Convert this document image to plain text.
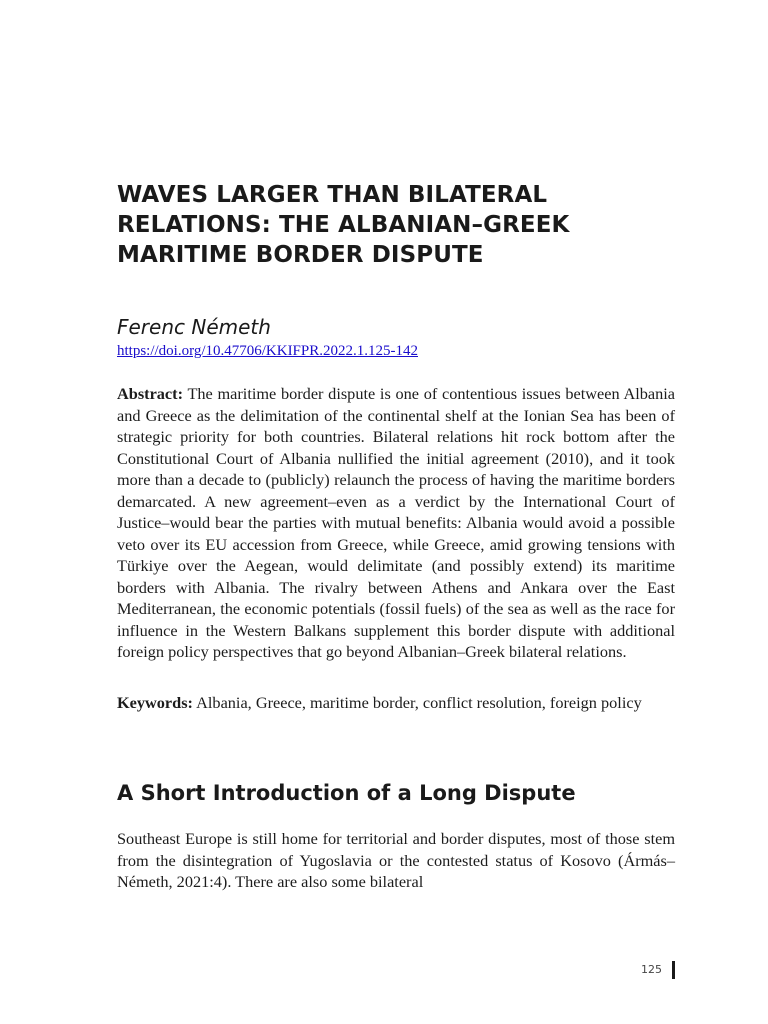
WAVES LARGER THAN BILATERAL
RELATIONS: THE ALBANIAN–GREEK
MARITIME BORDER DISPUTE
Ferenc Németh
https://doi.org/10.47706/KKIFPR.2022.1.125-142

Abstract: The maritime border dispute is one of contentious issues between Albania and Greece as the delimitation of the continental shelf at the Ionian Sea has been of strategic priority for both countries. Bilateral relations hit rock bottom after the Constitutional Court of Albania nullified the initial agreement (2010), and it took more than a decade to (publicly) relaunch the process of having the maritime borders demarcated. A new agreement–even as a verdict by the International Court of Justice–would bear the parties with mutual benefits: Albania would avoid a possible veto over its EU accession from Greece, while Greece, amid growing tensions with Türkiye over the Aegean, would delimitate (and possibly extend) its maritime borders with Albania. The rivalry between Athens and Ankara over the East Mediterranean, the economic potentials (fossil fuels) of the sea as well as the race for influence in the Western Balkans supplement this border dispute with additional foreign policy perspectives that go beyond Albanian–Greek bilateral relations.

Keywords: Albania, Greece, maritime border, conflict resolution, foreign policy

A Short Introduction of a Long Dispute

Southeast Europe is still home for territorial and border disputes, most of those stem from the disintegration of Yugoslavia or the contested status of Kosovo (Ármás–Németh, 2021:4). There are also some bilateral

125
